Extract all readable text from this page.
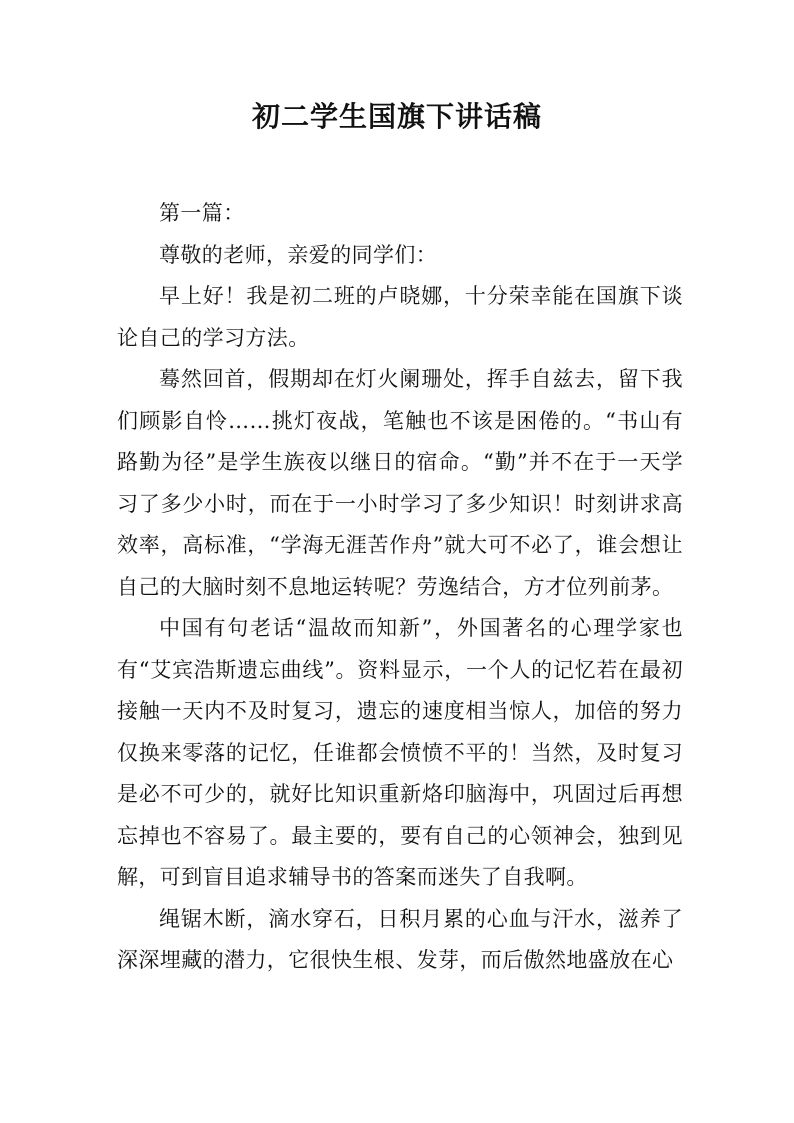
初二学生国旗下讲话稿

第一篇：

尊敬的老师，亲爱的同学们：

早上好！我是初二班的卢晓娜，十分荣幸能在国旗下谈论自己的学习方法。

蓦然回首，假期却在灯火阑珊处，挥手自兹去，留下我们顾影自怜……挑灯夜战，笔触也不该是困倦的。“书山有路勤为径”是学生族夜以继日的宿命。“勤”并不在于一天学习了多少小时，而在于一小时学习了多少知识！时刻讲求高效率，高标准，“学海无涯苦作舟”就大可不必了，谁会想让自己的大脑时刻不息地运转呢？劳逸结合，方才位列前茅。

中国有句老话“温故而知新”，外国著名的心理学家也有“艾宾浩斯遗忘曲线”。资料显示，一个人的记忆若在最初接触一天内不及时复习，遗忘的速度相当惊人，加倍的努力仅换来零落的记忆，任谁都会愤愤不平的！当然，及时复习是必不可少的，就好比知识重新烙印脑海中，巩固过后再想忘掉也不容易了。最主要的，要有自己的心领神会，独到见解，可到盲目追求辅导书的答案而迷失了自我啊。

绳锯木断，滴水穿石，日积月累的心血与汗水，滋养了深深埋藏的潜力，它很快生根、发芽，而后傲然地盛放在心
